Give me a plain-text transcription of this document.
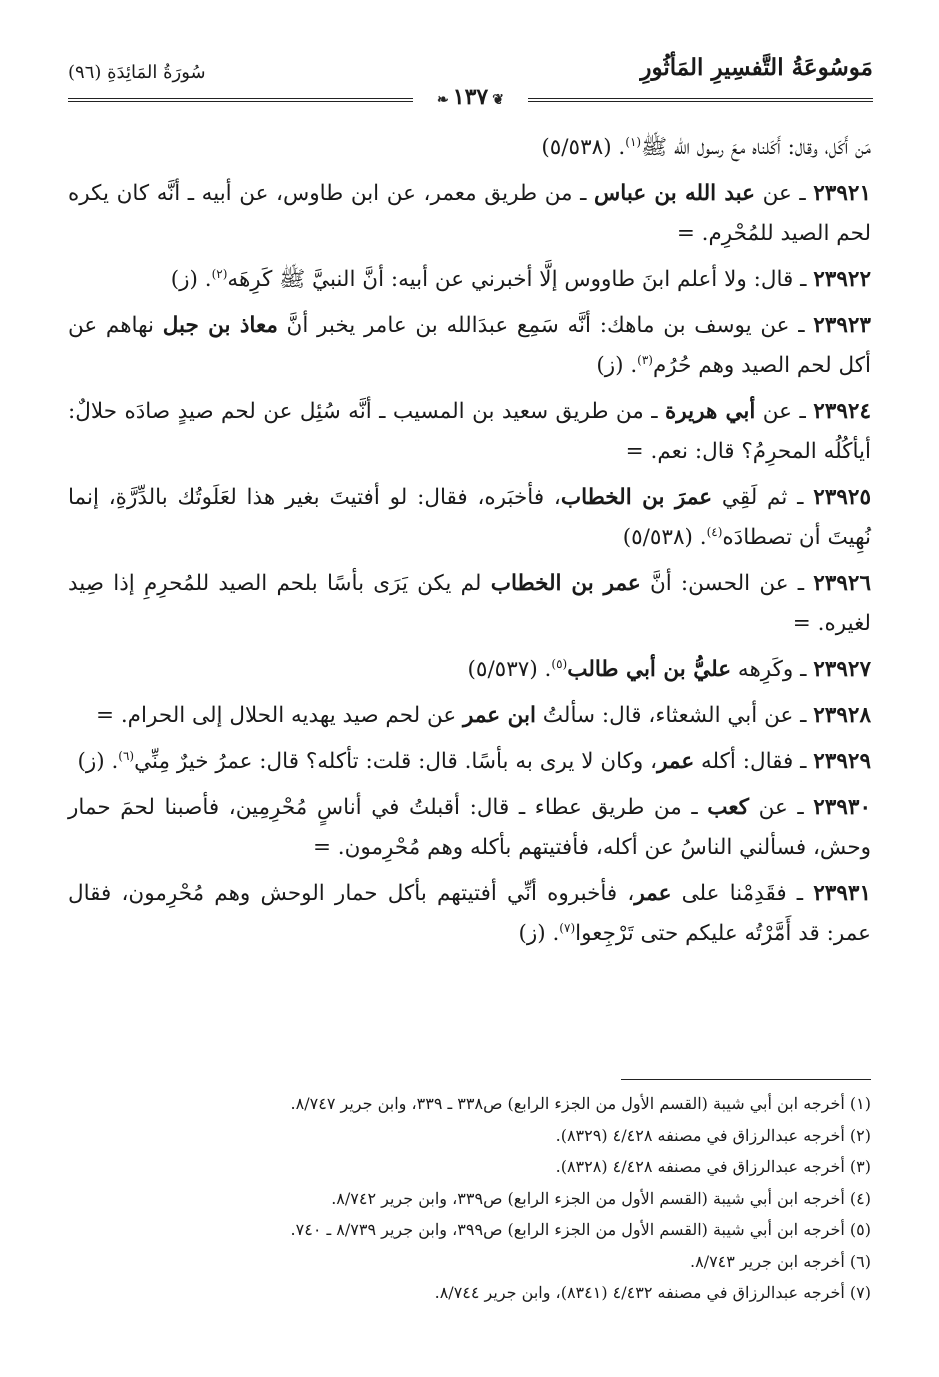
مَوسُوعَةُ التَّفسِيرِ المَأثُورِ
سُورَةُ المَائِدَةِ (٩٦)
❦١٣٧❧

مَن أَكَل، وقال: أَكَلناه معَ رسول الله ﷺ$^{(١)}$. (٥/٥٣٨)

٢٣٩٢١ ـ عن عبد الله بن عباس ـ من طريق معمر، عن ابن طاوس، عن أبيه ـ أنَّه كان يكره لحم الصيد للمُحْرِم. =

٢٣٩٢٢ ـ قال: ولا أعلم ابنَ طاووس إلَّا أخبرني عن أبيه: أنَّ النبيَّ ﷺ كَرِهَه$^{(٢)}$. (ز)

٢٣٩٢٣ ـ عن يوسف بن ماهك: أنَّه سَمِع عبدَالله بن عامر يخبر أنَّ معاذ بن جبل نهاهم عن أكل لحم الصيد وهم حُرُم$^{(٣)}$. (ز)

٢٣٩٢٤ ـ عن أبي هريرة ـ من طريق سعيد بن المسيب ـ أنَّه سُئِل عن لحم صيدٍ صادَه حلالٌ: أيأكُلُه المحرِمُ؟ قال: نعم. =

٢٣٩٢٥ ـ ثم لَقِي عمرَ بن الخطاب، فأخبَره، فقال: لو أفتيتَ بغير هذا لعَلَوتُك بالدِّرَّةِ، إنما نُهِيتَ أن تصطادَه$^{(٤)}$. (٥/٥٣٨)

٢٣٩٢٦ ـ عن الحسن: أنَّ عمر بن الخطاب لم يكن يَرَى بأسًا بلحم الصيد للمُحرِمِ إذا صِيد لغيره. =

٢٣٩٢٧ ـ وكَرِهه عليُّ بن أبي طالب$^{(٥)}$. (٥/٥٣٧)

٢٣٩٢٨ ـ عن أبي الشعثاء، قال: سألتُ ابن عمر عن لحم صيد يهديه الحلال إلى الحرام. =

٢٣٩٢٩ ـ فقال: أكله عمر، وكان لا يرى به بأسًا. قال: قلت: تأكله؟ قال: عمرُ خيرٌ مِنِّي$^{(٦)}$. (ز)

٢٣٩٣٠ ـ عن كعب ـ من طريق عطاء ـ قال: أقبلتُ في أناسٍ مُحْرِمِين، فأصبنا لحمَ حمار وحش، فسألني الناسُ عن أكله، فأفتيتهم بأكله وهم مُحْرِمون. =

٢٣٩٣١ ـ فقَدِمْنا على عمر، فأخبروه أنِّي أفتيتهم بأكل حمار الوحش وهم مُحْرِمون، فقال عمر: قد أَمَّرْتُه عليكم حتى تَرْجِعوا$^{(٧)}$. (ز)

(١) أخرجه ابن أبي شيبة (القسم الأول من الجزء الرابع) ص٣٣٨ ـ ٣٣٩، وابن جرير ٨/٧٤٧.
(٢) أخرجه عبدالرزاق في مصنفه ٤/٤٢٨ (٨٣٢٩).
(٣) أخرجه عبدالرزاق في مصنفه ٤/٤٢٨ (٨٣٢٨).
(٤) أخرجه ابن أبي شيبة (القسم الأول من الجزء الرابع) ص٣٣٩، وابن جرير ٨/٧٤٢.
(٥) أخرجه ابن أبي شيبة (القسم الأول من الجزء الرابع) ص٣٩٩، وابن جرير ٨/٧٣٩ ـ ٧٤٠.
(٦) أخرجه ابن جرير ٨/٧٤٣.
(٧) أخرجه عبدالرزاق في مصنفه ٤/٤٣٢ (٨٣٤١)، وابن جرير ٨/٧٤٤.
